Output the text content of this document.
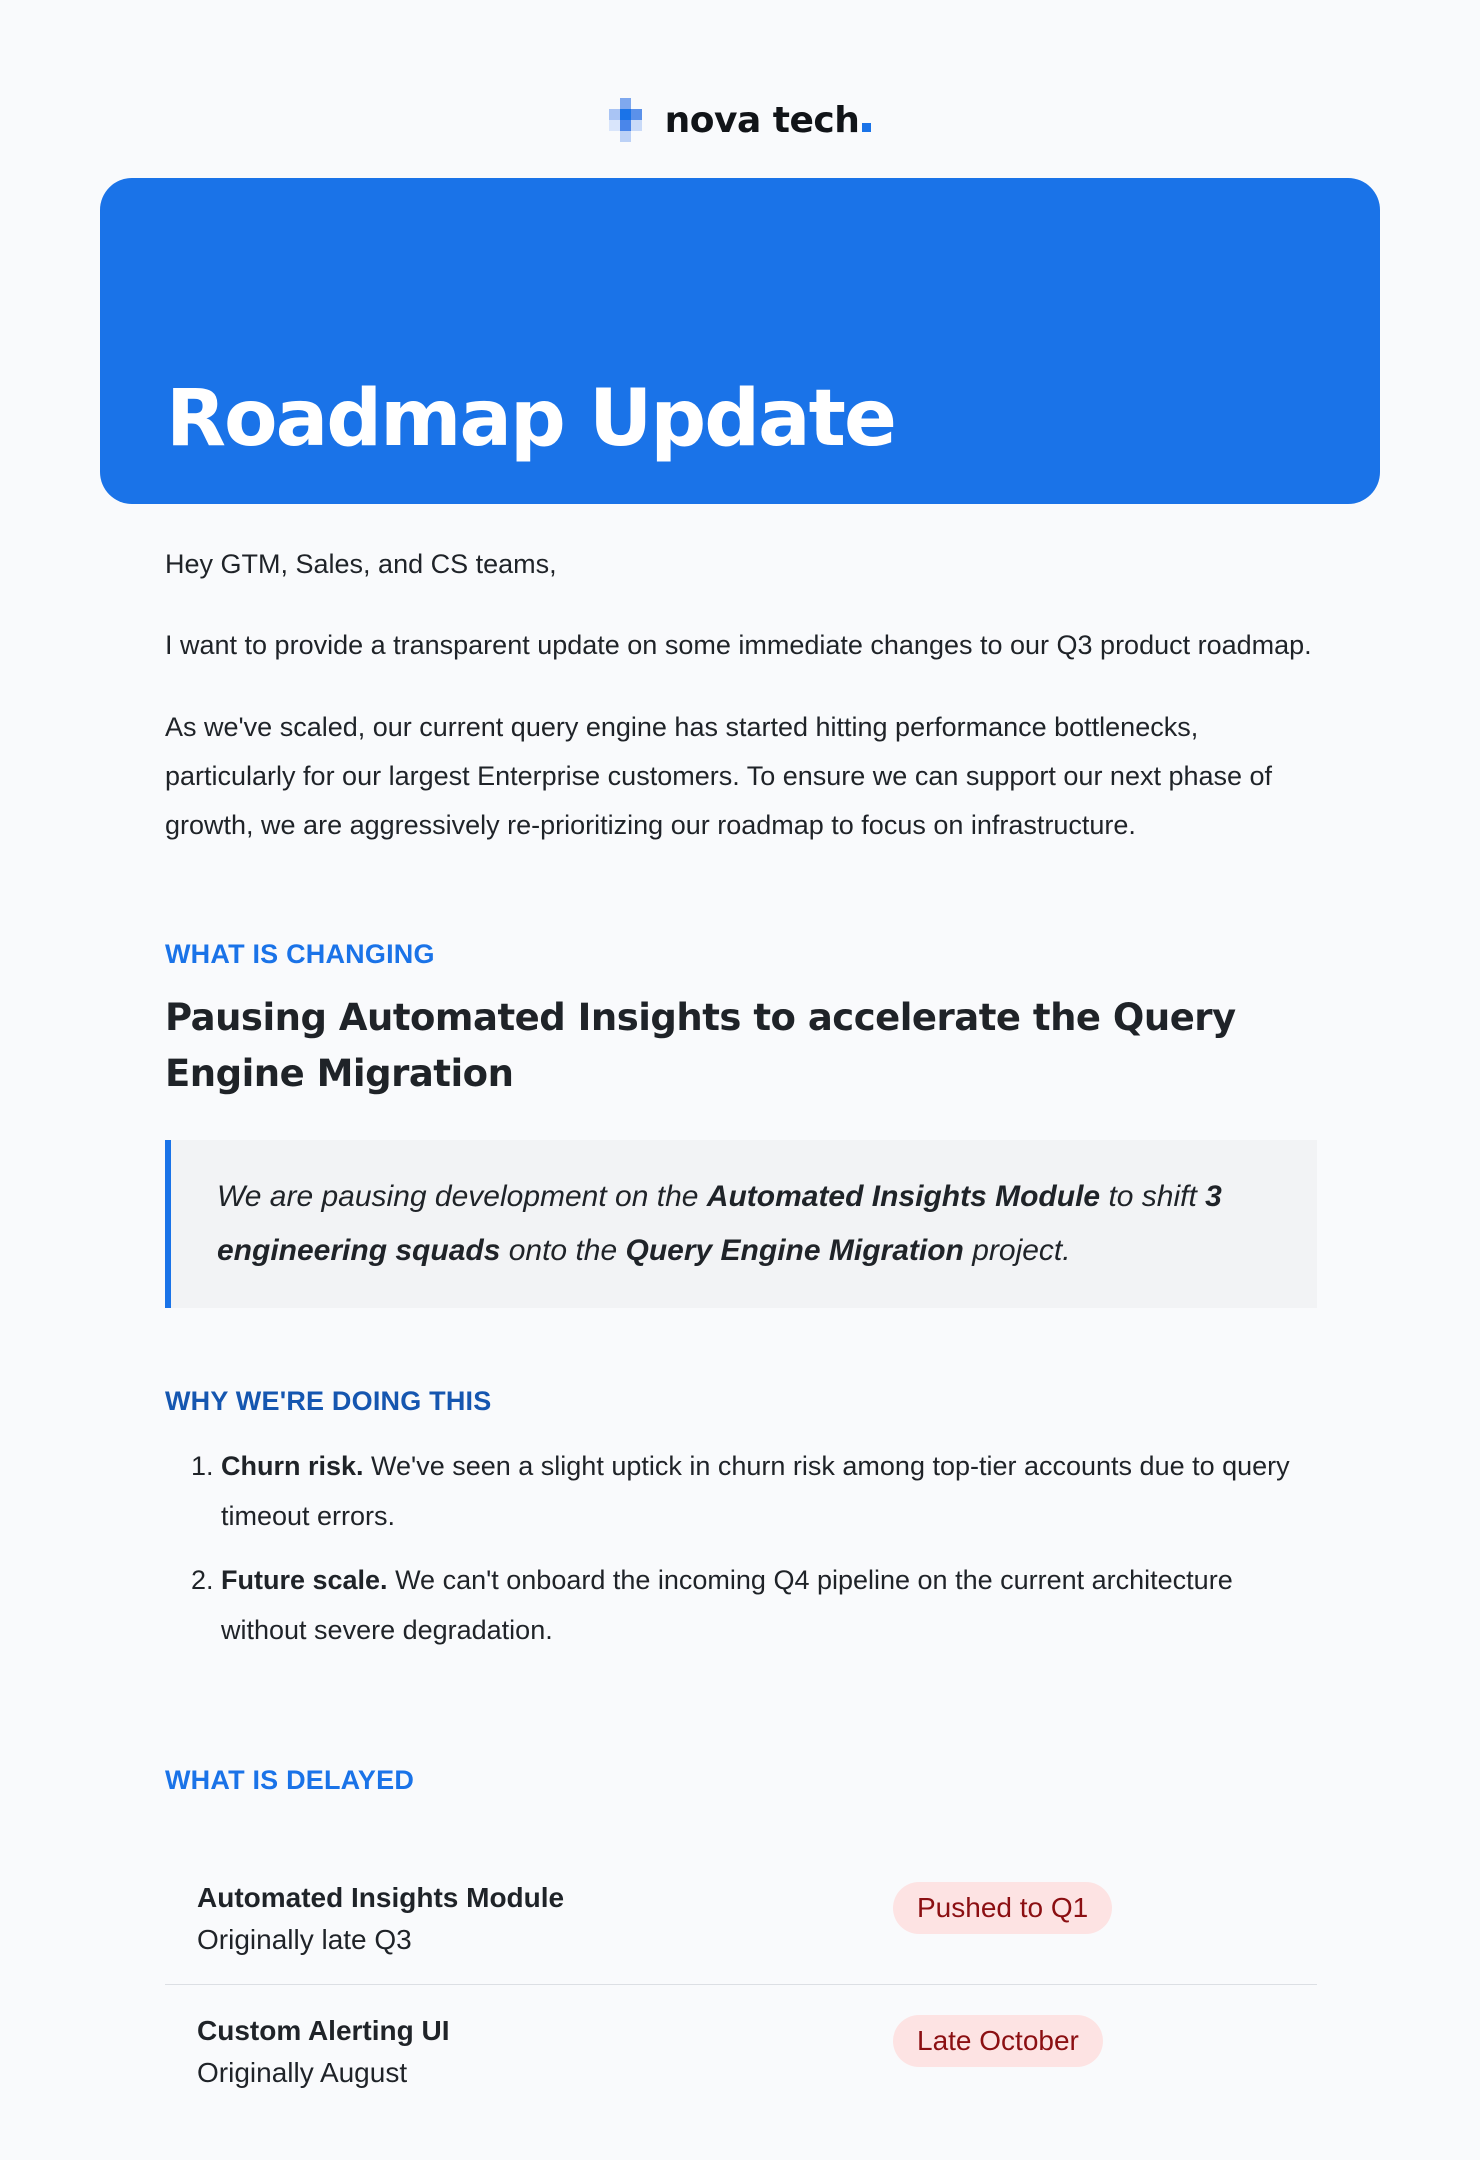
nova tech
Roadmap Update

Hey GTM, Sales, and CS teams,

I want to provide a transparent update on some immediate changes to our Q3 product roadmap.

As we've scaled, our current query engine has started hitting performance bottlenecks, particularly for our largest Enterprise customers. To ensure we can support our next phase of growth, we are aggressively re-prioritizing our roadmap to focus on infrastructure.

WHAT IS CHANGING

Pausing Automated Insights to accelerate the Query Engine Migration
We are pausing development on the Automated Insights Module to shift 3 engineering squads onto the Query Engine Migration project.

WHY WE'RE DOING THIS

1. Churn risk. We've seen a slight uptick in churn risk among top-tier accounts due to query timeout errors.
2. Future scale. We can't onboard the incoming Q4 pipeline on the current architecture without severe degradation.

WHAT IS DELAYED

Automated Insights Module
Originally late Q3
Pushed to Q1
Custom Alerting UI
Originally August
Late October
